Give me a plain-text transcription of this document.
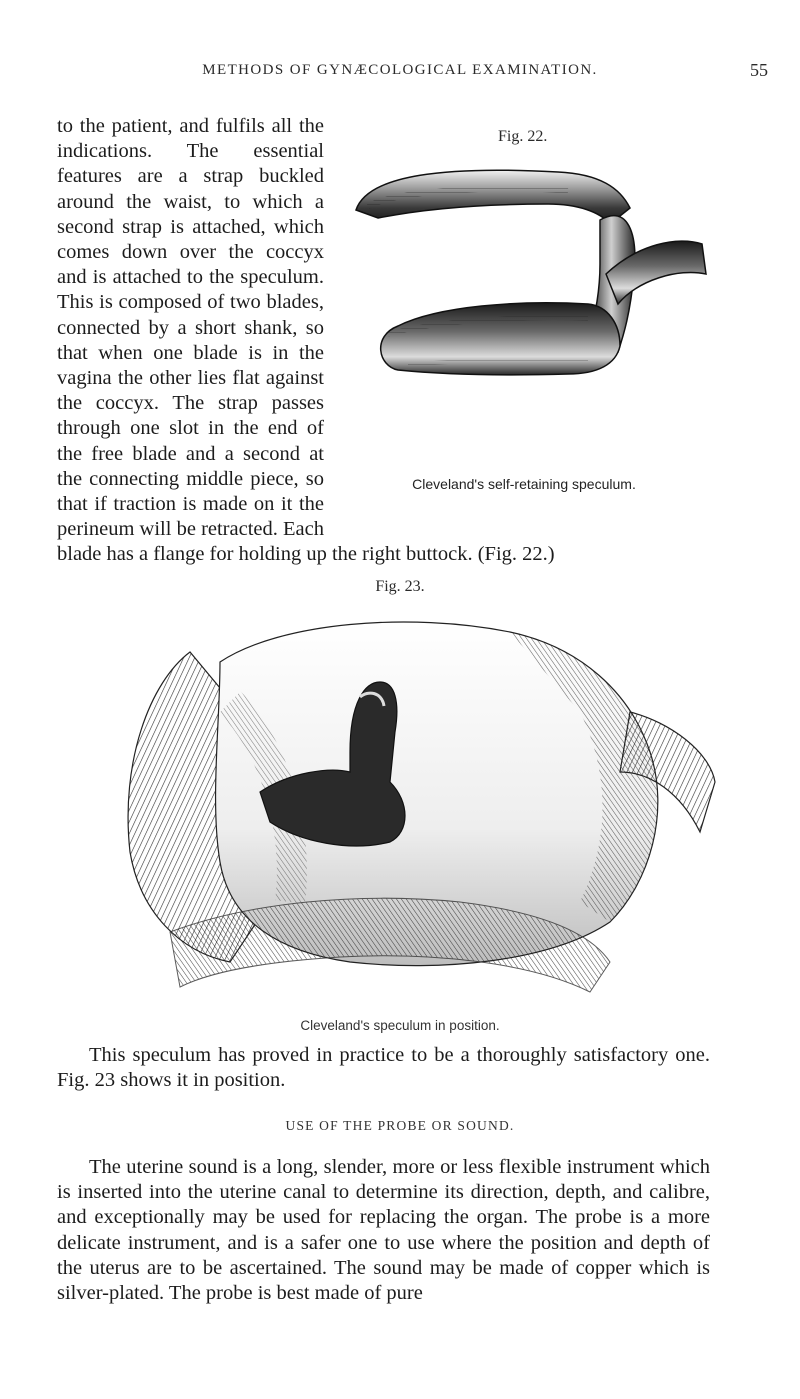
METHODS OF GYNÆCOLOGICAL EXAMINATION.	55
Fig. 22.
Cleveland's self-retaining speculum.
to the patient, and fulfils all the indications. The essential features are a strap buckled around the waist, to which a second strap is attached, which comes down over the coccyx and is attached to the speculum. This is composed of two blades, connected by a short shank, so that when one blade is in the vagina the other lies flat against the coccyx. The strap passes through one slot in the end of the free blade and a second at the connecting middle piece, so that if traction is made on it the perineum will be retracted. Each blade has a flange for holding up the right buttock. (Fig. 22.)
Fig. 23.
Cleveland's speculum in position.
This speculum has proved in practice to be a thoroughly satisfactory one. Fig. 23 shows it in position.
USE OF THE PROBE OR SOUND.
The uterine sound is a long, slender, more or less flexible instrument which is inserted into the uterine canal to determine its direction, depth, and calibre, and exceptionally may be used for replacing the organ. The probe is a more delicate instrument, and is a safer one to use where the position and depth of the uterus are to be ascertained. The sound may be made of copper which is silver-plated. The probe is best made of pure
